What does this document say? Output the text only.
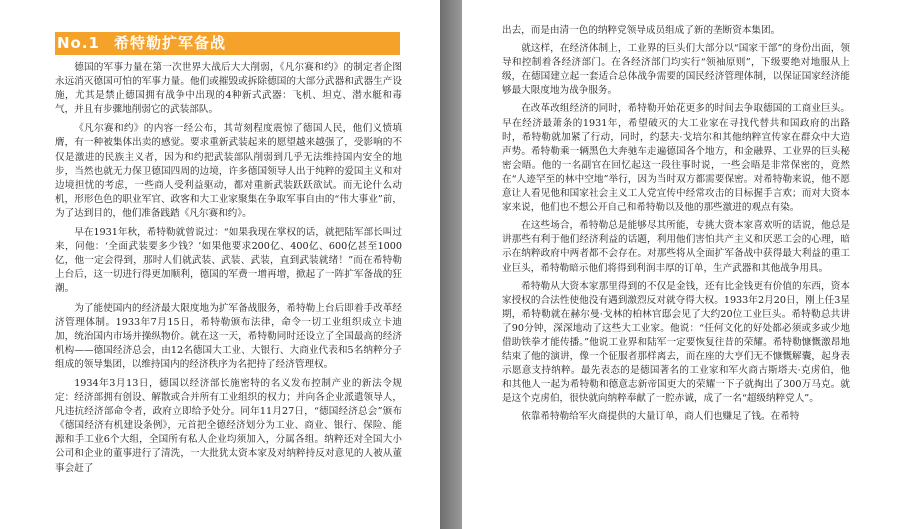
No.1 希特勒扩军备战

德国的军事力量在第一次世界大战后大大削弱，《凡尔赛和约》的制定者企图永远消灭德国可怕的军事力量。他们或摧毁或拆除德国的大部分武器和武器生产设施，尤其是禁止德国拥有战争中出现的4种新式武器：飞机、坦克、潜水艇和毒气，并且有步骤地削弱它的武装部队。

《凡尔赛和约》的内容一经公布，其苛刻程度震惊了德国人民，他们义愤填膺，有一种被集体出卖的感觉。要求重新武装起来的愿望越来越强了，受影响的不仅是激进的民族主义者，因为和约把武装部队削弱到几乎无法维持国内安全的地步，当然也就无力保卫德国四周的边境，许多德国领导人出于纯粹的爱国主义和对边境担忧的考虑，一些商人受利益驱动，都对重新武装跃跃欲试。而无论什么动机，形形色色的职业军官、政客和大工业家聚集在争取军事自由的“伟大事业”前，为了达到目的，他们准备践踏《凡尔赛和约》。

早在1931年秋，希特勒就曾说过：“如果我现在掌权的话，就把陆军部长叫过来，问他：‘全面武装要多少钱？’如果他要求200亿、400亿、600亿甚至1000亿，他一定会得到，那时人们就武装、武装、武装，直到武装就绪！”而在希特勒上台后，这一切进行得更加顺利，德国的军费一增再增，掀起了一阵扩军备战的狂潮。

为了能使国内的经济最大限度地为扩军备战服务，希特勒上台后即着手改革经济管理体制。1933年7月15日，希特勒颁布法律，命令一切工业组织成立卡迪加，统治国内市场并操纵物价。就在这一天，希特勒同时还设立了全国最高的经济机构——德国经济总会，由12名德国大工业、大银行、大商业代表和5名纳粹分子组成的领导集团，以维持国内的经济秩序为名把持了经济管理权。

1934年3月13日，德国以经济部长施密特的名义发布控制产业的新法令规定：经济部拥有创设、解散或合并所有工业组织的权力；并向各企业派遣领导人，凡违抗经济部命令者，政府立即给予处分。同年11月27日，“德国经济总会”颁布《德国经济有机建设条例》，元首把全德经济划分为工业、商业、银行、保险、能源和手工业6个大组，全国所有私人企业均须加入，分属各组。纳粹还对全国大小公司和企业的董事进行了清洗，一大批犹太资本家及对纳粹持反对意见的人被从董事会赶了

出去，而是由清一色的纳粹党领导成员组成了新的垄断资本集团。

就这样，在经济体制上，工业界的巨头们大部分以“国家干部”的身份出面，领导和控制着各经济部门。在各经济部门均实行“领袖原则”，下级要绝对地服从上级，在德国建立起一套适合总体战争需要的国民经济管理体制，以保证国家经济能够最大限度地为战争服务。

在改革改组经济的同时，希特勒开始花更多的时间去争取德国的工商业巨头。早在经济最萧条的1931年，希望破灭的大工业家在寻找代替共和国政府的出路时，希特勒就加紧了行动，同时，约瑟夫·戈培尔和其他纳粹宣传家在群众中大造声势。希特勒乘一辆黑色大奔驰车走遍德国各个地方，和金融界、工业界的巨头秘密会晤。他的一名副官在回忆起这一段往事时说，一些会晤是非常保密的，竟然在“人迹罕至的林中空地”举行，因为当时双方都需要保密。对希特勒来说，他不愿意让人看见他和国家社会主义工人党宣传中经常攻击的目标握手言欢；而对大资本家来说，他们也不想公开自己和希特勒以及他的那些激进的观点有染。

在这些场合，希特勒总是能够尽其所能，专挑大资本家喜欢听的话说，他总是讲那些有利于他们经济利益的话题，利用他们害怕共产主义和厌恶工会的心理，暗示在纳粹政府中两者都不会存在。对那些将从全面扩军备战中获得最大利益的重工业巨头，希特勒暗示他们将得到利润丰厚的订单，生产武器和其他战争用具。

希特勒从大资本家那里得到的不仅是金钱，还有比金钱更有价值的东西，资本家授权的合法性使他没有遇到激烈反对就夺得大权。1933年2月20日，刚上任3星期，希特勒就在赫尔曼·戈林的柏林官邸会见了大约20位工业巨头。希特勒总共讲了90分钟，深深地动了这些大工业家。他说：“任何文化的好处都必须或多或少地借助铁拳才能传播。”他说工业界和陆军一定要恢复往昔的荣耀。希特勒慷慨激昂地结束了他的演讲，像一个征服者那样离去，而在座的大亨们无不慷慨解囊，起身表示愿意支持纳粹。最先表态的是德国著名的工业家和军火商古斯塔夫·克虏伯，他和其他人一起为希特勒和德意志新帝国更大的荣耀一下子就掏出了300万马克。就是这个克虏伯，很快就向纳粹奉献了一腔赤诚，成了一名“超级纳粹党人”。

依靠希特勒给军火商提供的大量订单，商人们也赚足了钱。在希特
